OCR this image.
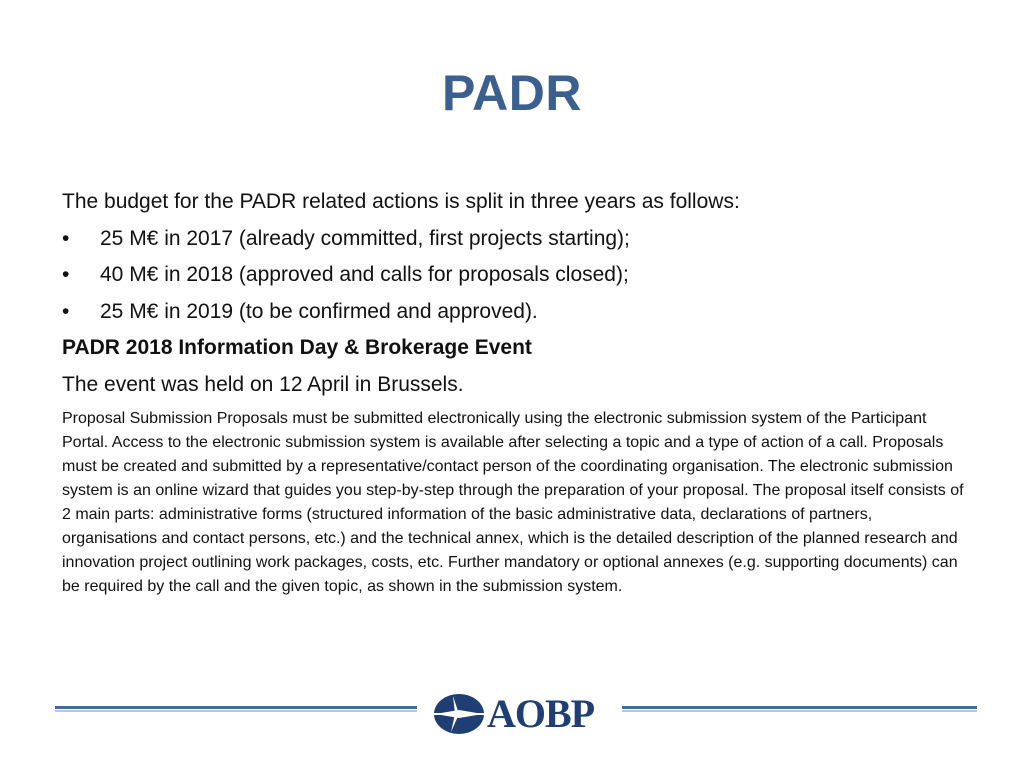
PADR
The budget for the PADR related actions is split in three years as follows:
•	25 M€ in 2017 (already committed, first projects starting);
•	40 M€ in 2018 (approved and calls for proposals closed);
•	25 M€ in 2019 (to be confirmed and approved).
PADR 2018 Information Day & Brokerage Event
The event was held on 12 April in Brussels.
Proposal Submission Proposals must be submitted electronically using the electronic submission system of the Participant Portal. Access to the electronic submission system is available after selecting a topic and a type of action of a call. Proposals must be created and submitted by a representative/contact person of the coordinating organisation. The electronic submission system is an online wizard that guides you step-by-step through the preparation of your proposal. The proposal itself consists of 2 main parts: administrative forms (structured information of the basic administrative data, declarations of partners, organisations and contact persons, etc.) and the technical annex, which is the detailed description of the planned research and innovation project outlining work packages, costs, etc. Further mandatory or optional annexes (e.g. supporting documents) can be required by the call and the given topic, as shown in the submission system.
AOBP
